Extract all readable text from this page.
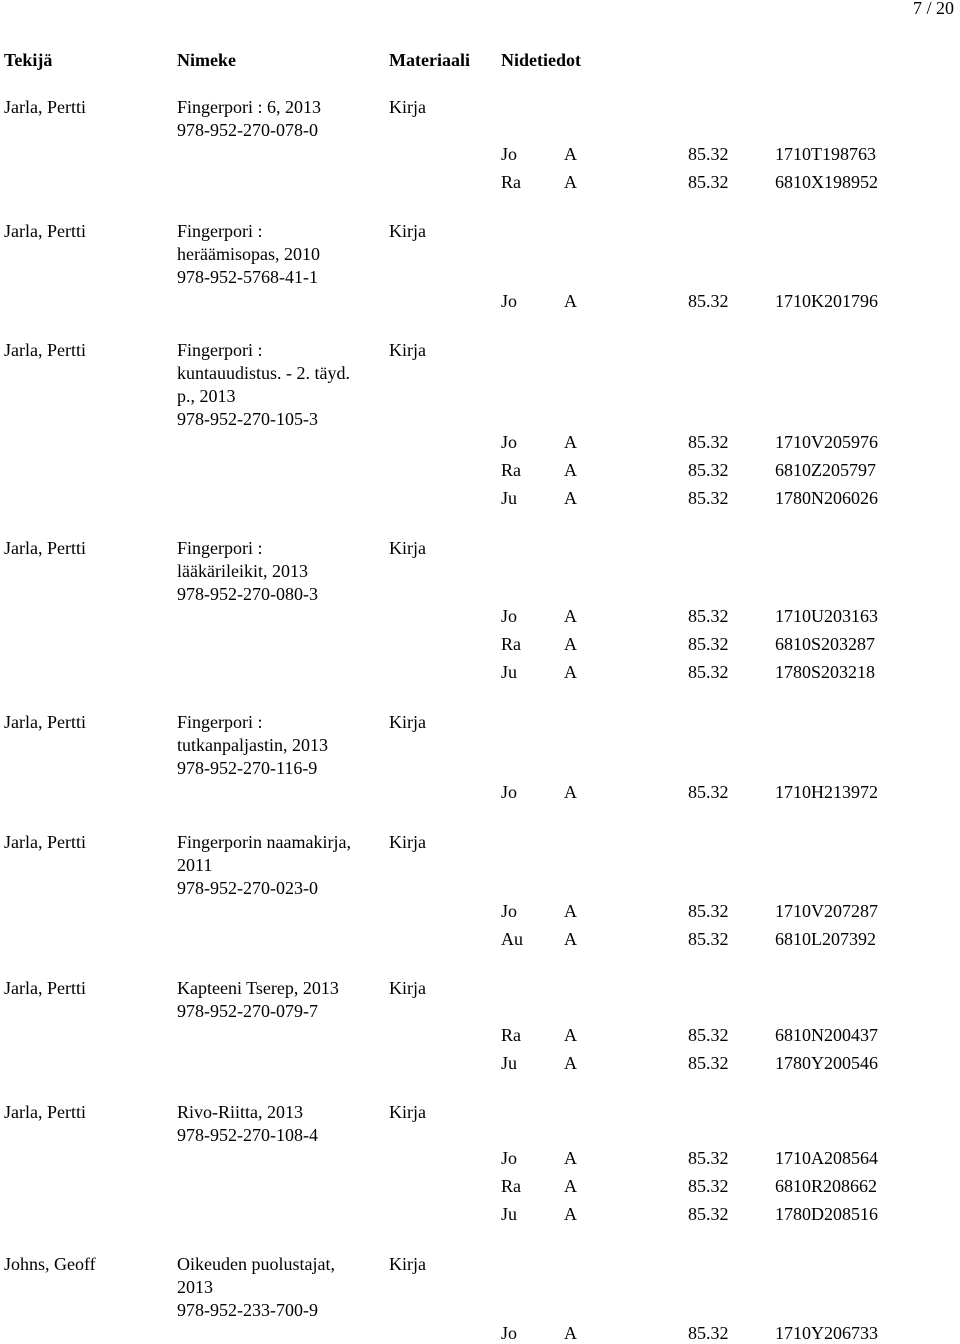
7 / 20
Tekijä	Nimeke	Materiaali Nidetiedot
Jarla, Pertti	Fingerpori : 6, 2013
978-952-270-078-0
Kirja
Jo	A	85.32	1710T198763
Ra A	85.32	6810X198952
Jarla, Pertti	Fingerpori :
heräämisopas, 2010
978-952-5768-41-1
Kirja
Jo	A	85.32	1710K201796
Jarla, Pertti	Fingerpori :
kuntauudistus. - 2. täyd.
p., 2013
978-952-270-105-3
Kirja
Jo	A	85.32	1710V205976
Ra A	85.32	6810Z205797
Ju	A	85.32	1780N206026
Jarla, Pertti	Fingerpori :
lääkärileikit, 2013
978-952-270-080-3
Kirja
Jo	A	85.32	1710U203163
Ra A	85.32	6810S203287
Ju	A	85.32	1780S203218
Jarla, Pertti	Fingerpori :
tutkanpaljastin, 2013
978-952-270-116-9
Kirja
Jo	A	85.32	1710H213972
Jarla, Pertti	Fingerporin naamakirja,
2011
978-952-270-023-0
Kirja
Jo	A	85.32	1710V207287
Au A	85.32	6810L207392
Jarla, Pertti	Kapteeni Tserep, 2013
978-952-270-079-7
Kirja
Ra A	85.32	6810N200437
Ju	A	85.32	1780Y200546
Jarla, Pertti	Rivo-Riitta, 2013
978-952-270-108-4
Kirja
Jo	A	85.32	1710A208564
Ra A	85.32	6810R208662
Ju	A	85.32	1780D208516
Johns, Geoff	Oikeuden puolustajat,
2013
978-952-233-700-9
Kirja
Jo	A	85.32	1710Y206733
